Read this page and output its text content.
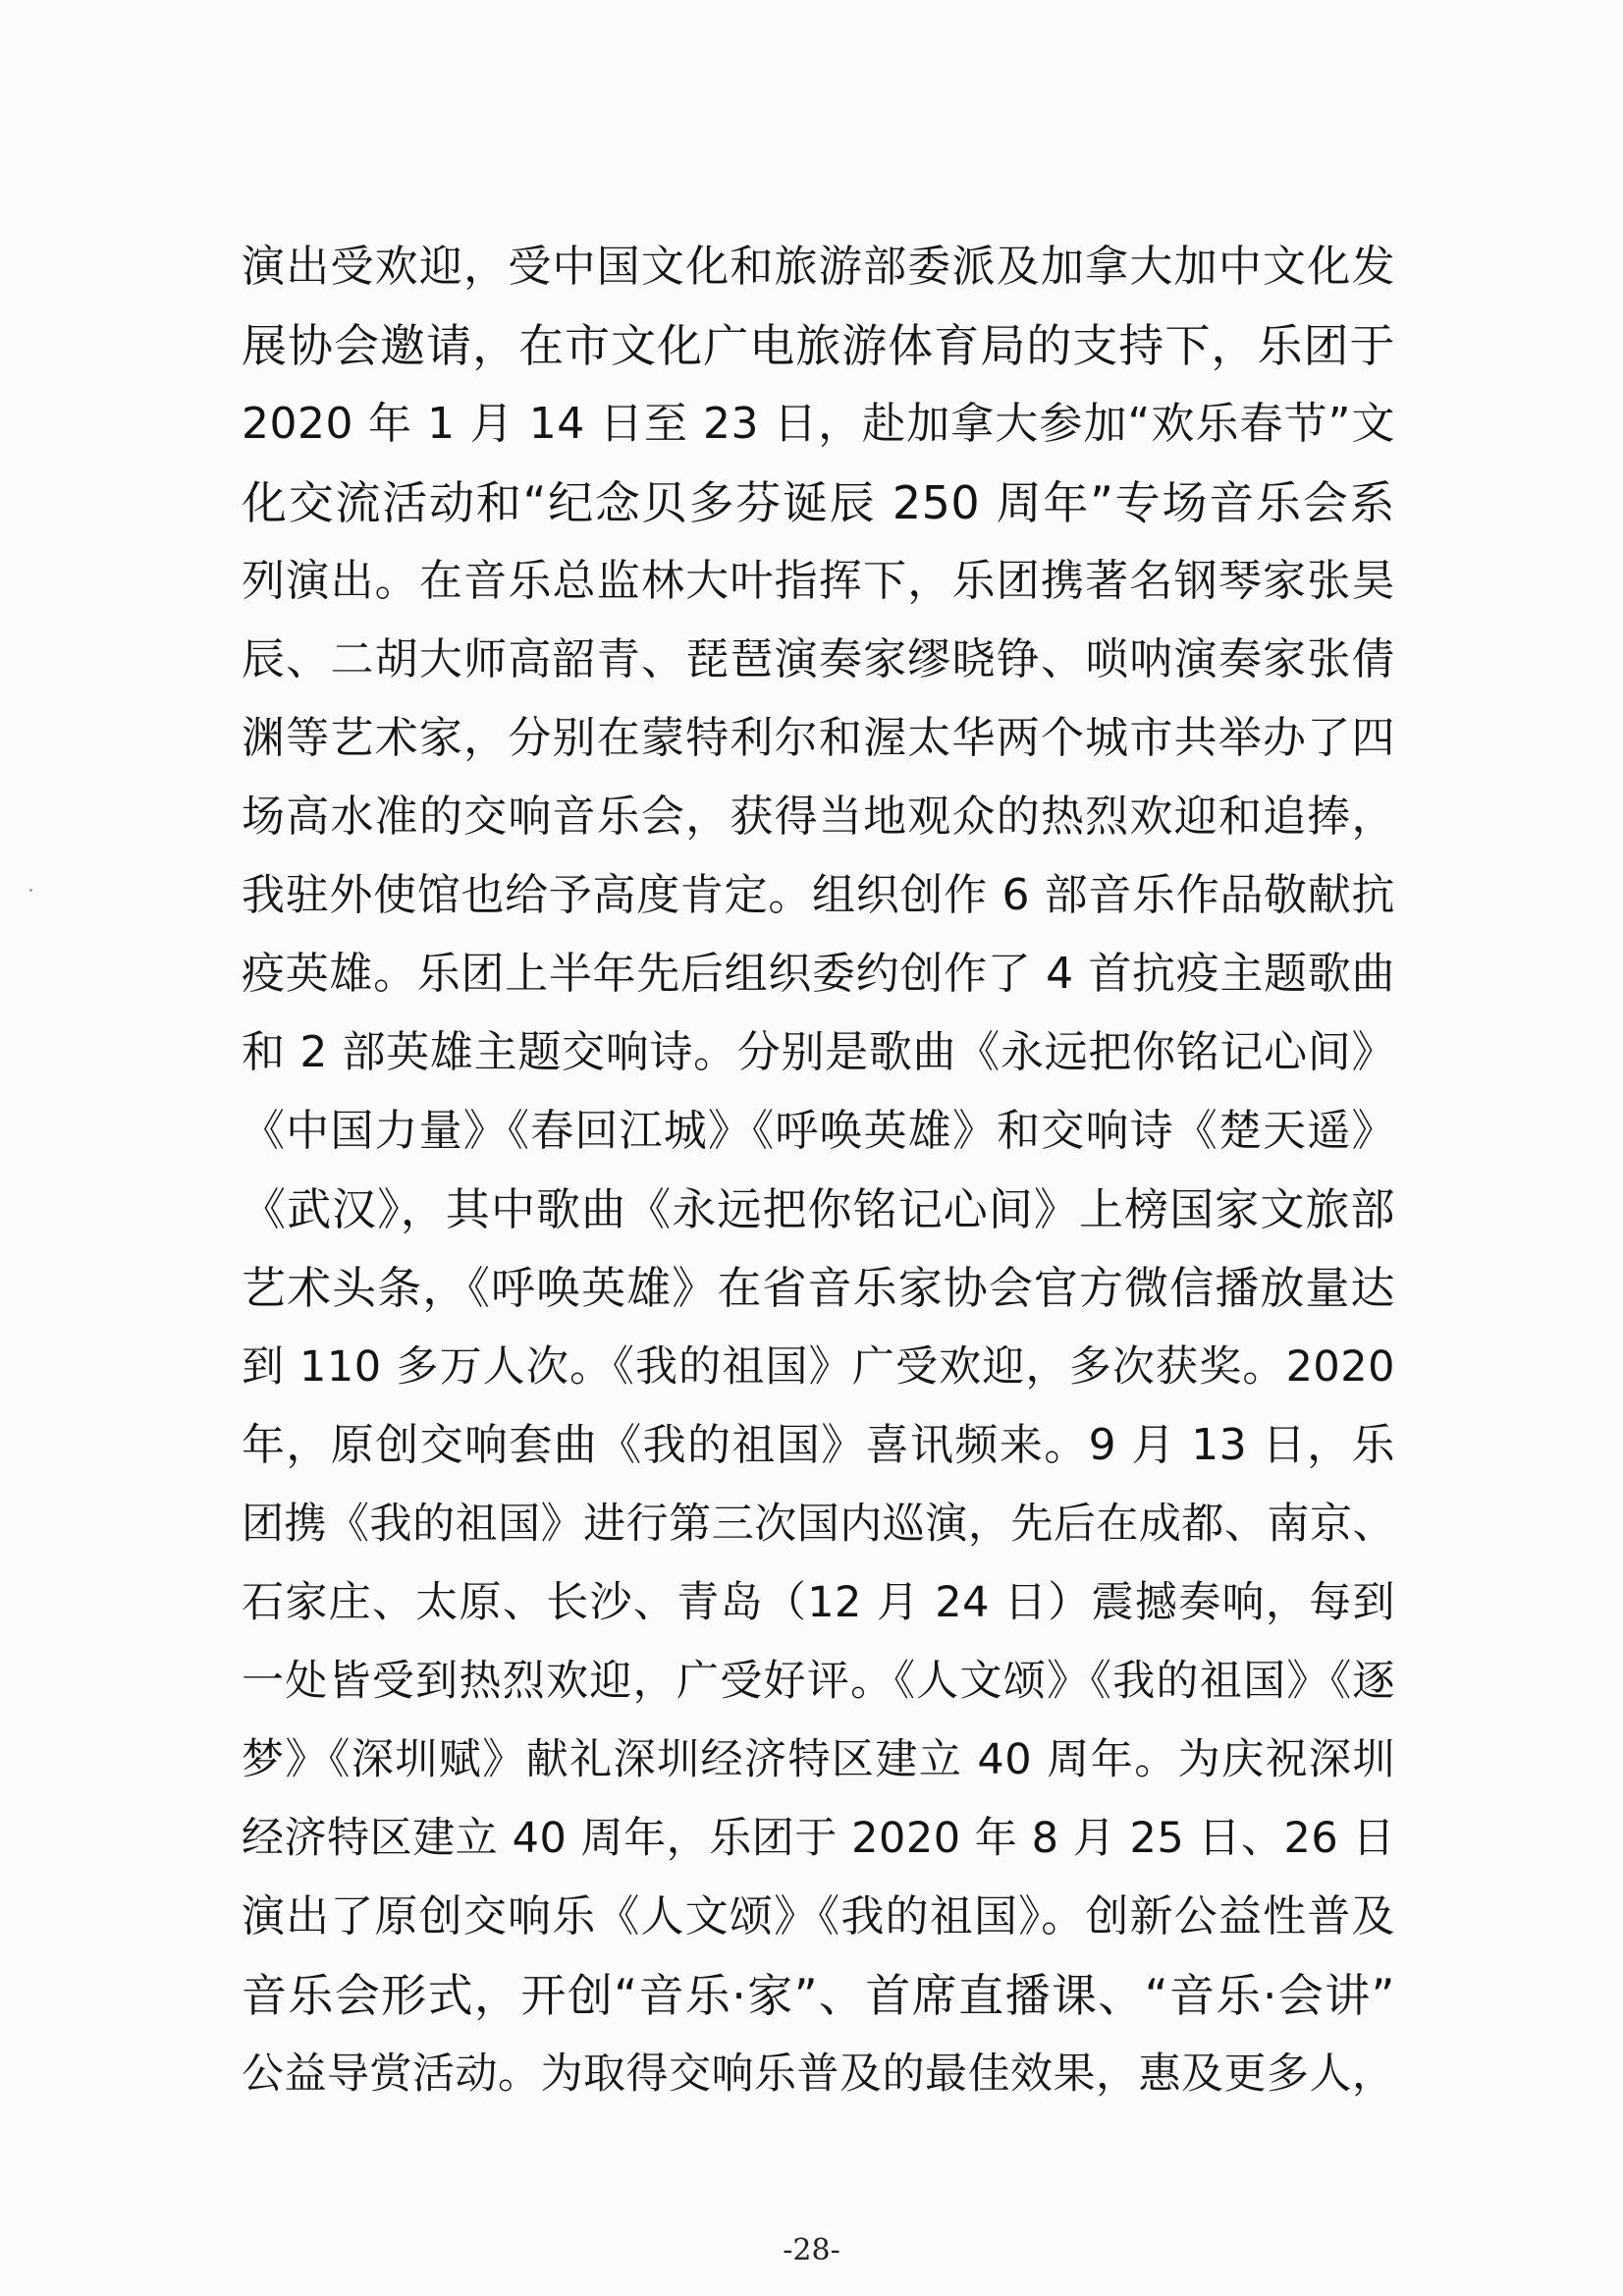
演出受欢迎，受中国文化和旅游部委派及加拿大加中文化发
展协会邀请，在市文化广电旅游体育局的支持下，乐团于
2020 年 1 月 14 日至 23 日，赴加拿大参加“欢乐春节”文
化交流活动和“纪念贝多芬诞辰 250 周年”专场音乐会系
列演出。在音乐总监林大叶指挥下，乐团携著名钢琴家张昊
辰、二胡大师高韶青、琵琶演奏家缪晓铮、唢呐演奏家张倩
渊等艺术家，分别在蒙特利尔和渥太华两个城市共举办了四
场高水准的交响音乐会，获得当地观众的热烈欢迎和追捧，
我驻外使馆也给予高度肯定。组织创作 6 部音乐作品敬献抗
疫英雄。乐团上半年先后组织委约创作了 4 首抗疫主题歌曲
和 2 部英雄主题交响诗。分别是歌曲《永远把你铭记心间》
《中国力量》《春回江城》《呼唤英雄》和交响诗《楚天遥》
《武汉》，其中歌曲《永远把你铭记心间》上榜国家文旅部
艺术头条，《呼唤英雄》在省音乐家协会官方微信播放量达
到 110 多万人次。《我的祖国》广受欢迎，多次获奖。2020
年，原创交响套曲《我的祖国》喜讯频来。9 月 13 日，乐
团携《我的祖国》进行第三次国内巡演，先后在成都、南京、
石家庄、太原、长沙、青岛（12 月 24 日）震撼奏响，每到
一处皆受到热烈欢迎，广受好评。《人文颂》《我的祖国》《逐
梦》《深圳赋》献礼深圳经济特区建立 40 周年。为庆祝深圳
经济特区建立 40 周年，乐团于 2020 年 8 月 25 日、26 日
演出了原创交响乐《人文颂》《我的祖国》。创新公益性普及
音乐会形式，开创“音乐·家”、首席直播课、“音乐·会讲”
公益导赏活动。为取得交响乐普及的最佳效果，惠及更多人，
-28-
